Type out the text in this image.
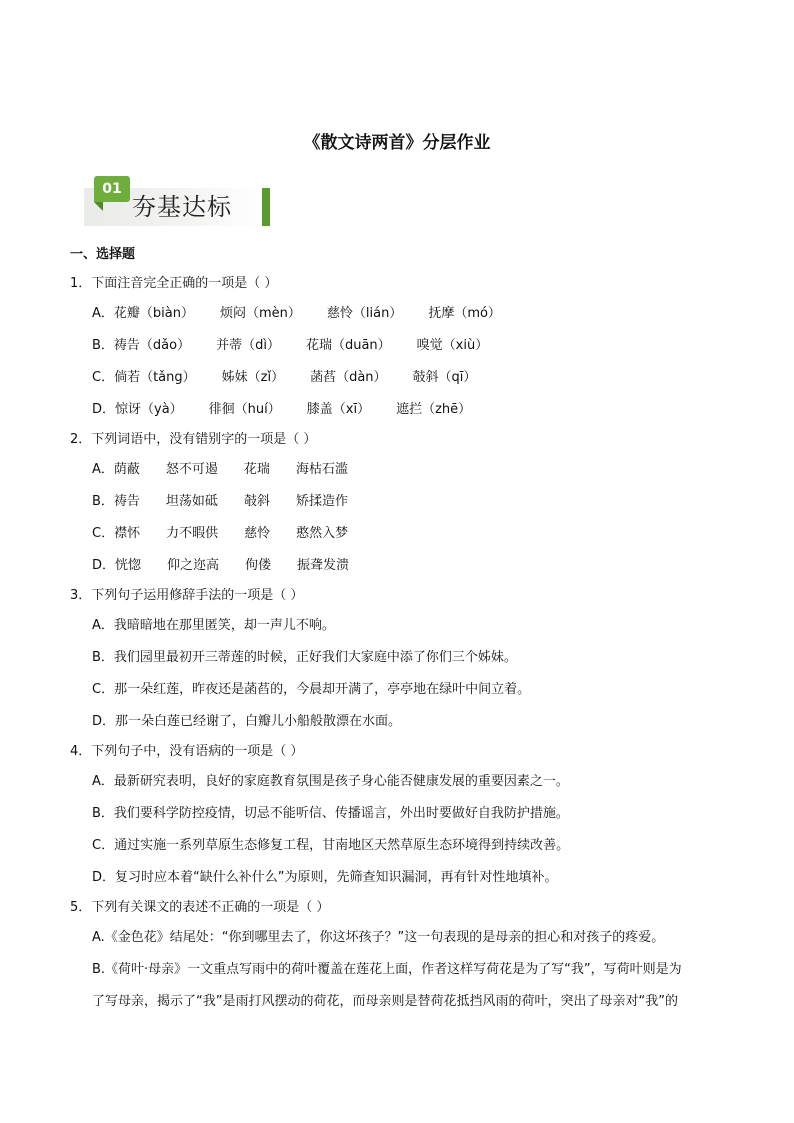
《散文诗两首》分层作业
01
夯基达标
一、选择题
1．下面注音完全正确的一项是（ ）
A．花瓣（biàn） 烦闷（mèn） 慈怜（lián） 抚摩（mó）
B．祷告（dǎo） 并蒂（dì） 花瑞（duān） 嗅觉（xiù）
C．倘若（tǎng） 姊妹（zǐ） 菡萏（dàn） 攲斜（qī）
D．惊讶（yà） 徘徊（huí） 膝盖（xī） 遮拦（zhē）
2．下列词语中，没有错别字的一项是（ ）
A．荫蔽 怒不可遏 花瑞 海枯石滥
B．祷告 坦荡如砥 攲斜 矫揉造作
C．襟怀 力不暇供 慈怜 憨然入梦
D．恍惚 仰之迩高 佝偻 振聋发溃
3．下列句子运用修辞手法的一项是（ ）
A．我暗暗地在那里匿笑，却一声儿不响。
B．我们园里最初开三蒂莲的时候，正好我们大家庭中添了你们三个姊妹。
C．那一朵红莲，昨夜还是菡萏的，今晨却开满了，亭亭地在绿叶中间立着。
D．那一朵白莲已经谢了，白瓣儿小船般散漂在水面。
4．下列句子中，没有语病的一项是（ ）
A．最新研究表明，良好的家庭教育氛围是孩子身心能否健康发展的重要因素之一。
B．我们要科学防控疫情，切忌不能听信、传播谣言，外出时要做好自我防护措施。
C．通过实施一系列草原生态修复工程，甘南地区天然草原生态环境得到持续改善。
D．复习时应本着“缺什么补什么”为原则，先筛查知识漏洞，再有针对性地填补。
5．下列有关课文的表述不正确的一项是（ ）
A.《金色花》结尾处：“你到哪里去了，你这坏孩子？”这一句表现的是母亲的担心和对孩子的疼爱。
B.《荷叶·母亲》一文重点写雨中的荷叶覆盖在莲花上面，作者这样写荷花是为了写“我”，写荷叶则是为
了写母亲，揭示了“我”是雨打风摆动的荷花，而母亲则是替荷花抵挡风雨的荷叶，突出了母亲对“我”的
